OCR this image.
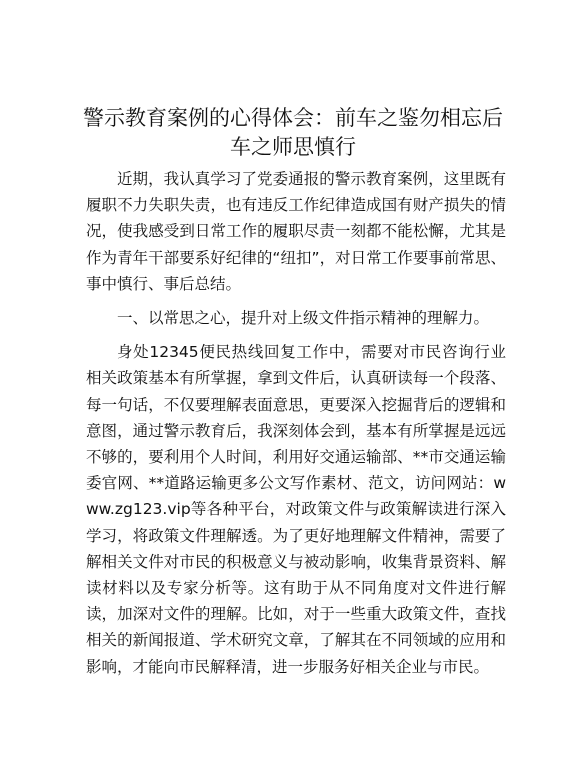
警示教育案例的心得体会：前车之鉴勿相忘后
车之师思慎行

近期，我认真学习了党委通报的警示教育案例，这里既有履职不力失职失责，也有违反工作纪律造成国有财产损失的情况，使我感受到日常工作的履职尽责一刻都不能松懈，尤其是作为青年干部要系好纪律的“纽扣”，对日常工作要事前常思、事中慎行、事后总结。

一、以常思之心，提升对上级文件指示精神的理解力。

身处12345便民热线回复工作中，需要对市民咨询行业相关政策基本有所掌握，拿到文件后，认真研读每一个段落、每一句话，不仅要理解表面意思，更要深入挖掘背后的逻辑和意图，通过警示教育后，我深刻体会到，基本有所掌握是远远不够的，要利用个人时间，利用好交通运输部、**市交通运输委官网、**道路运输更多公文写作素材、范文，访问网站：www.zg123.vip等各种平台，对政策文件与政策解读进行深入学习，将政策文件理解透。为了更好地理解文件精神，需要了解相关文件对市民的积极意义与被动影响，收集背景资料、解读材料以及专家分析等。这有助于从不同角度对文件进行解读，加深对文件的理解。比如，对于一些重大政策文件，查找相关的新闻报道、学术研究文章，了解其在不同领域的应用和影响，才能向市民解释清，进一步服务好相关企业与市民。
